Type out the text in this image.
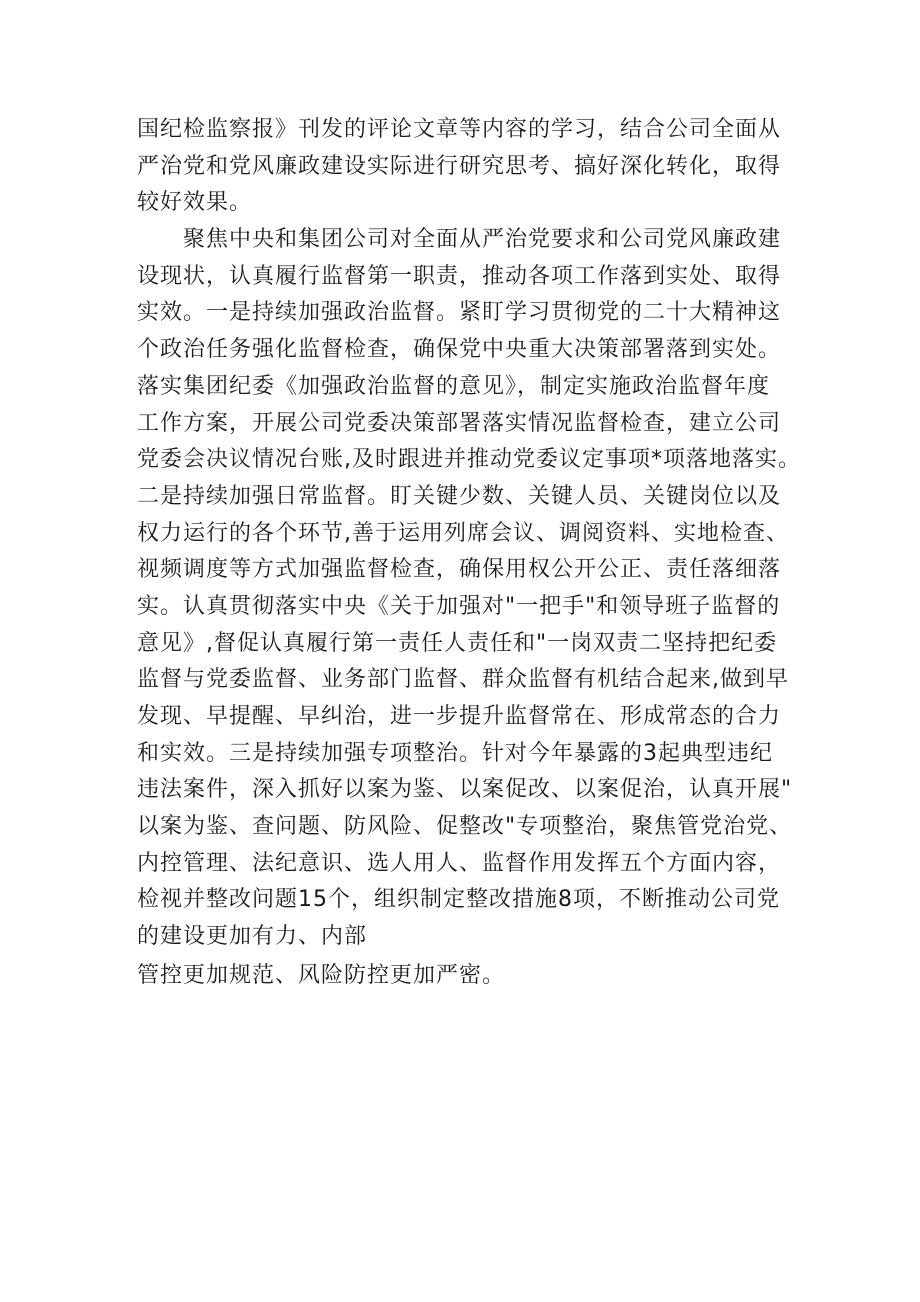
国纪检监察报》刊发的评论文章等内容的学习，结合公司全面从
严治党和党风廉政建设实际进行研究思考、搞好深化转化，取得
较好效果。
聚焦中央和集团公司对全面从严治党要求和公司党风廉政建
设现状，认真履行监督第一职责，推动各项工作落到实处、取得
实效。一是持续加强政治监督。紧盯学习贯彻党的二十大精神这
个政治任务强化监督检查，确保党中央重大决策部署落到实处。
落实集团纪委《加强政治监督的意见》，制定实施政治监督年度
工作方案，开展公司党委决策部署落实情况监督检查，建立公司
党委会决议情况台账,及时跟进并推动党委议定事项*项落地落实。
二是持续加强日常监督。盯关键少数、关键人员、关键岗位以及
权力运行的各个环节,善于运用列席会议、调阅资料、实地检查、
视频调度等方式加强监督检查，确保用权公开公正、责任落细落
实。认真贯彻落实中央《关于加强对"一把手"和领导班子监督的
意见》,督促认真履行第一责任人责任和"一岗双责二坚持把纪委
监督与党委监督、业务部门监督、群众监督有机结合起来,做到早
发现、早提醒、早纠治，进一步提升监督常在、形成常态的合力
和实效。三是持续加强专项整治。针对今年暴露的3起典型违纪
违法案件，深入抓好以案为鉴、以案促改、以案促治，认真开展"
以案为鉴、查问题、防风险、促整改"专项整治，聚焦管党治党、
内控管理、法纪意识、选人用人、监督作用发挥五个方面内容，
检视并整改问题15个，组织制定整改措施8项，不断推动公司党
的建设更加有力、内部
管控更加规范、风险防控更加严密。
